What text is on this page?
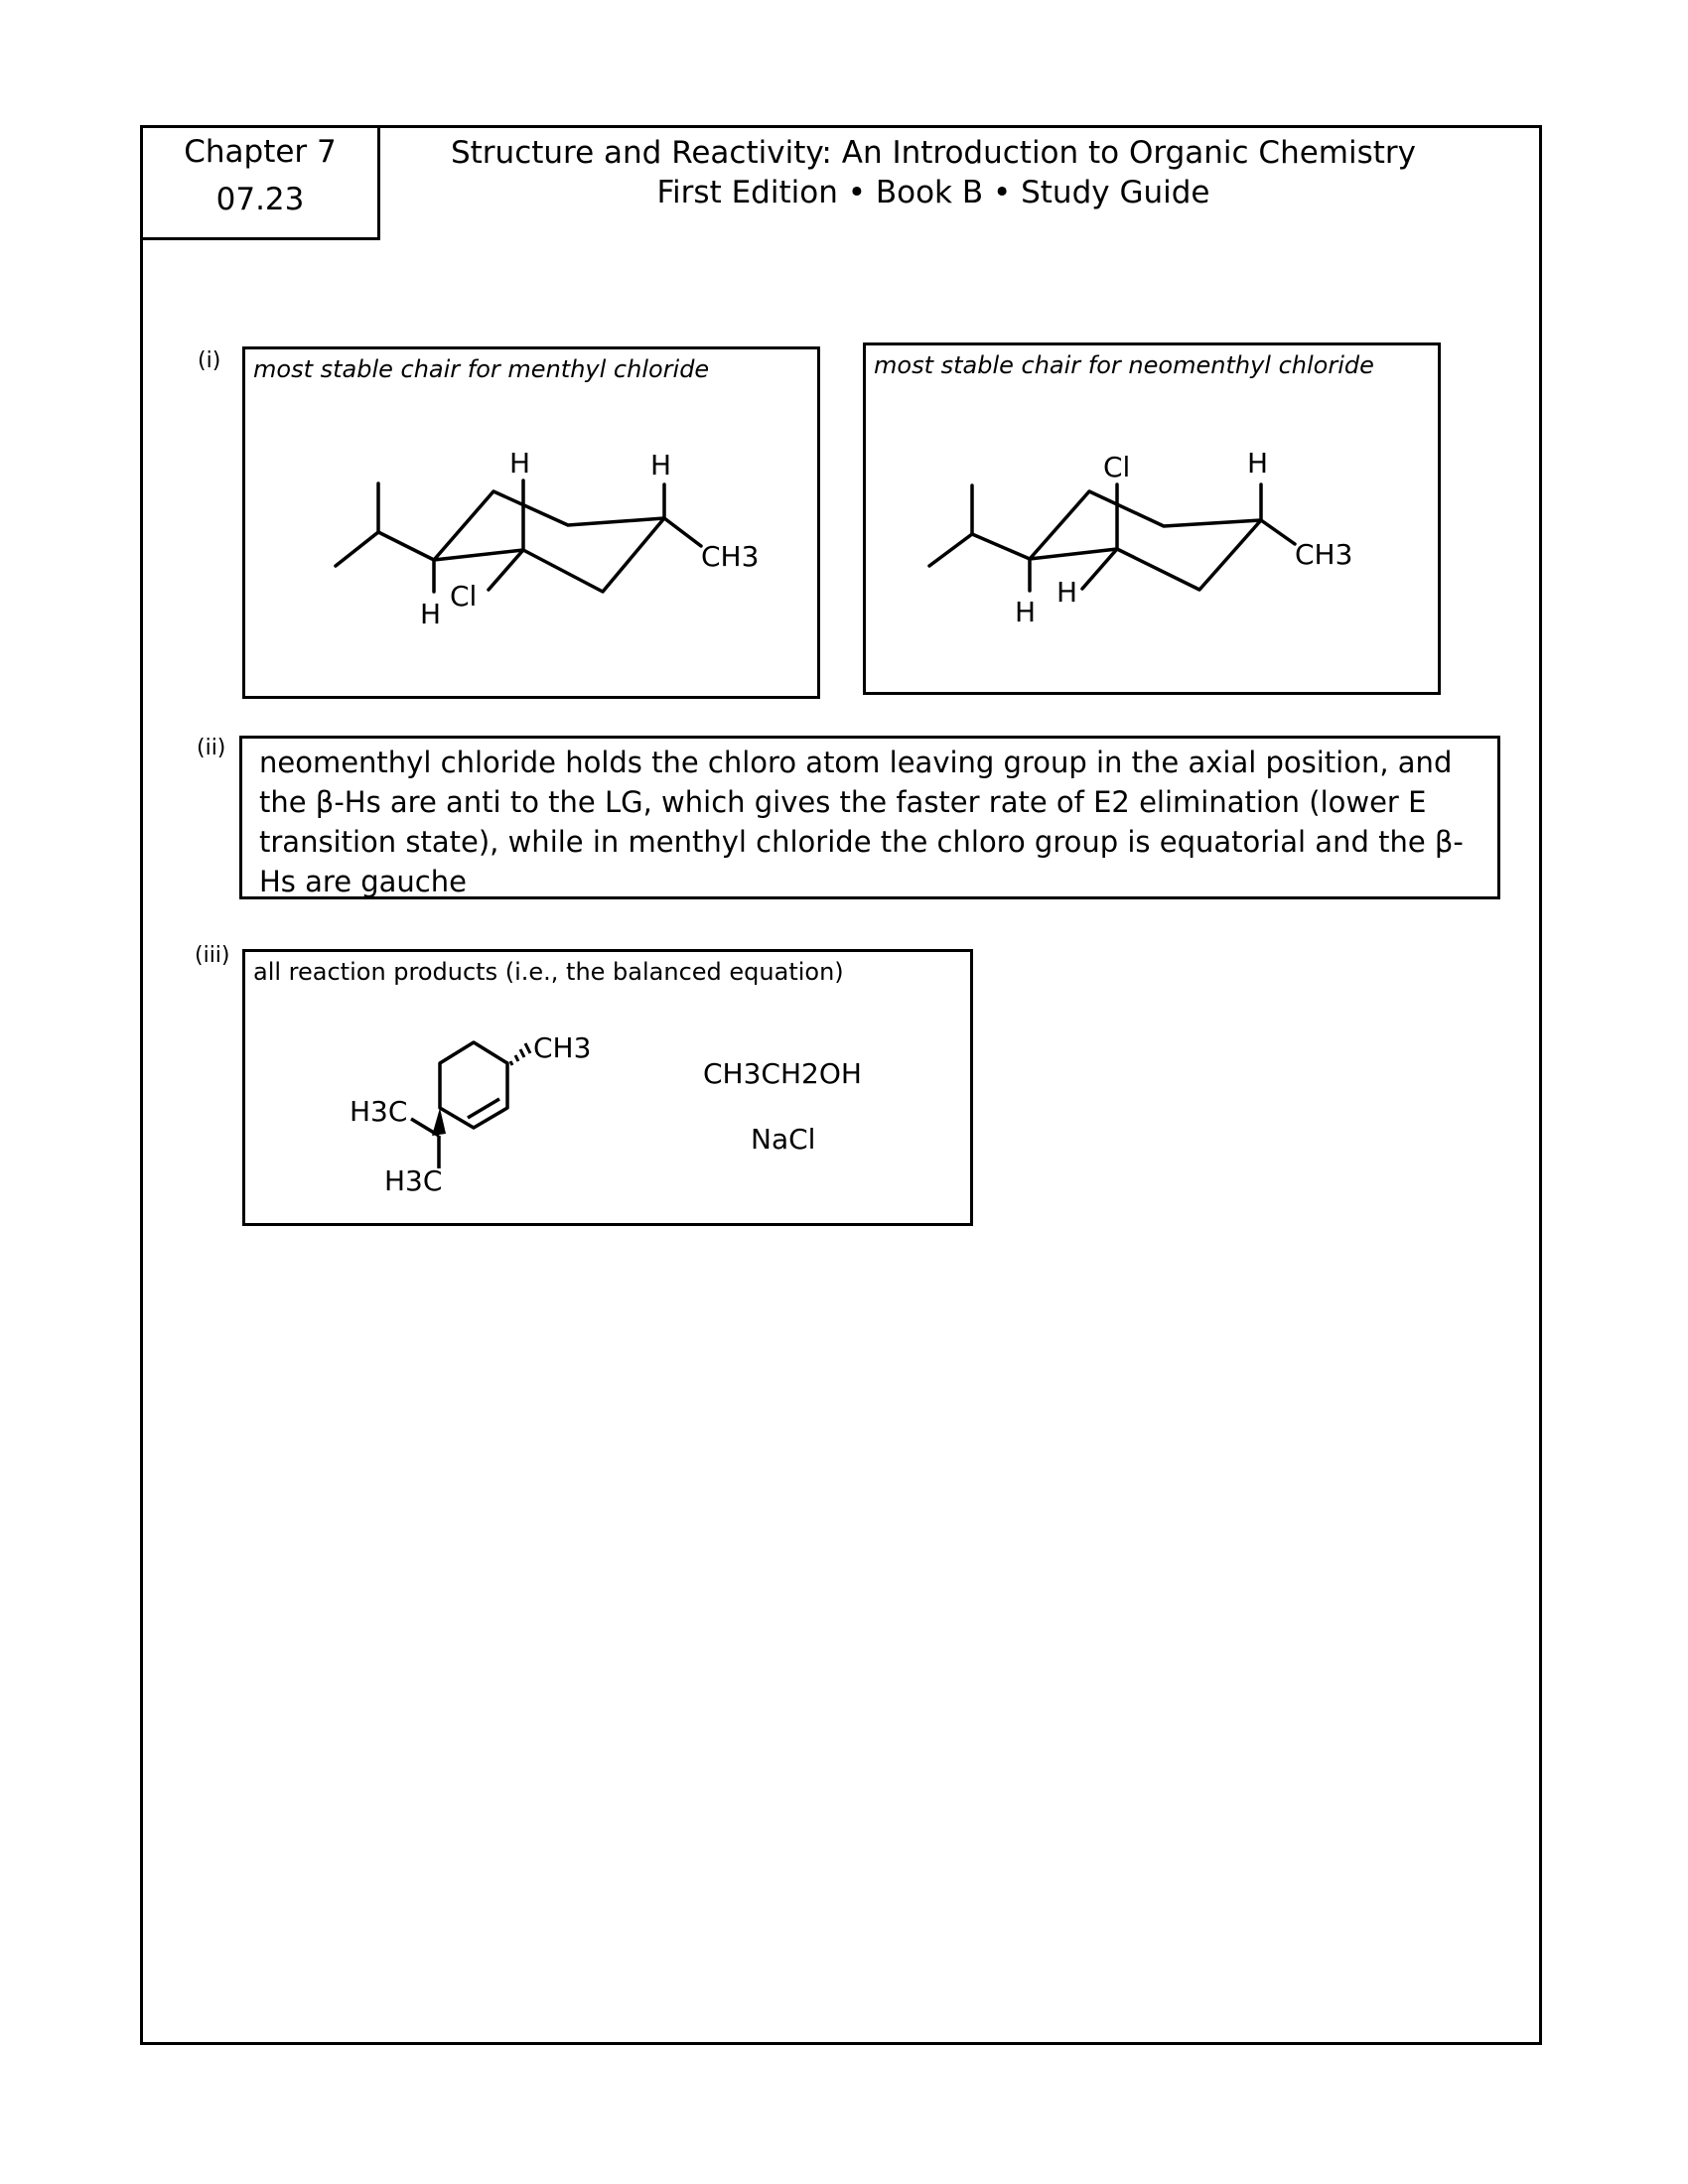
Chapter 7
07.23
Structure and Reactivity: An Introduction to Organic Chemistry
First Edition • Book B • Study Guide
(i) most stable chair for menthyl chloride
H	H
CH3
H
Cl
most stable chair for neomenthyl chloride
Cl	H
CH3
H
H
(ii) neomenthyl chloride holds the chloro atom leaving group in the axial position, and the β-Hs are anti to the LG, which gives the faster rate of E2 elimination (lower E transition state), while in menthyl chloride the chloro group is equatorial and the β-Hs are gauche
(iii)
all reaction products (i.e., the balanced equation)
CH3
H3C
H3C
CH3CH2OH
NaCl
